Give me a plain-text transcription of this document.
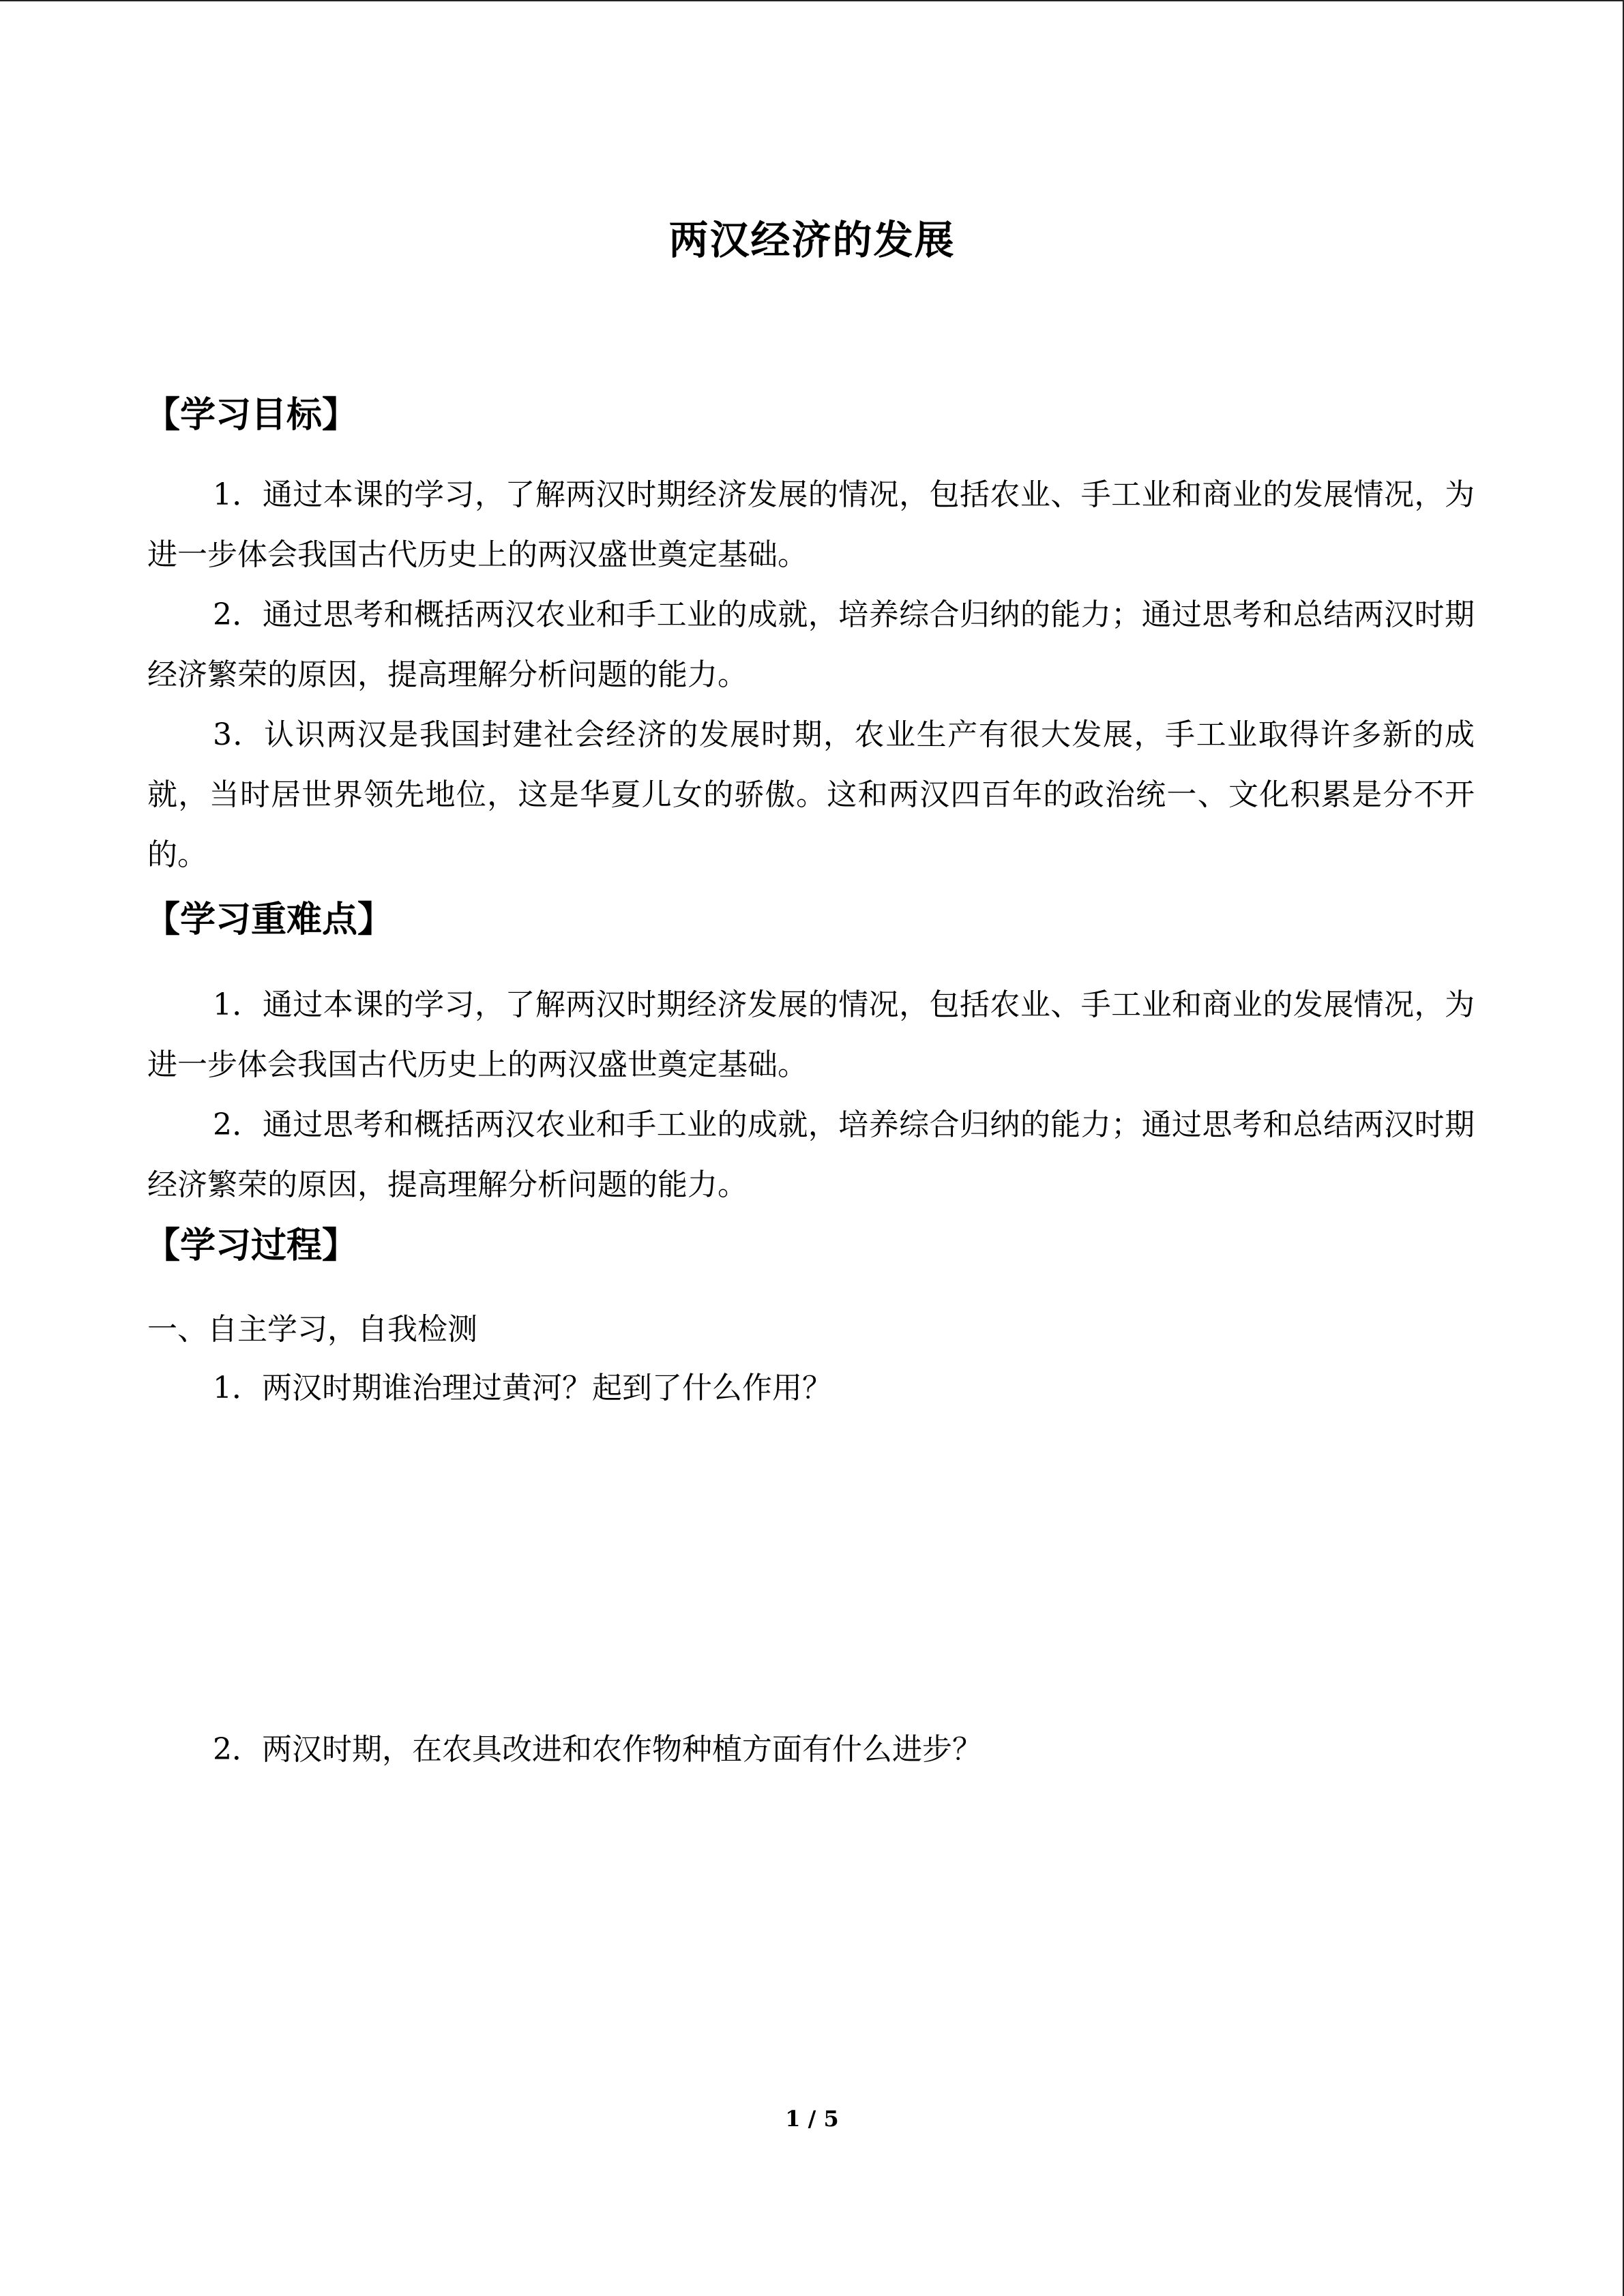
两汉经济的发展
【学习目标】
1．通过本课的学习，了解两汉时期经济发展的情况，包括农业、手工业和商业的发展情况，为进一步体会我国古代历史上的两汉盛世奠定基础。
2．通过思考和概括两汉农业和手工业的成就，培养综合归纳的能力；通过思考和总结两汉时期经济繁荣的原因，提高理解分析问题的能力。
3．认识两汉是我国封建社会经济的发展时期，农业生产有很大发展，手工业取得许多新的成就，当时居世界领先地位，这是华夏儿女的骄傲。这和两汉四百年的政治统一、文化积累是分不开的。
【学习重难点】
1．通过本课的学习，了解两汉时期经济发展的情况，包括农业、手工业和商业的发展情况，为进一步体会我国古代历史上的两汉盛世奠定基础。
2．通过思考和概括两汉农业和手工业的成就，培养综合归纳的能力；通过思考和总结两汉时期经济繁荣的原因，提高理解分析问题的能力。
【学习过程】
一、自主学习，自我检测
1．两汉时期谁治理过黄河？起到了什么作用？
2．两汉时期，在农具改进和农作物种植方面有什么进步？
1 / 5
